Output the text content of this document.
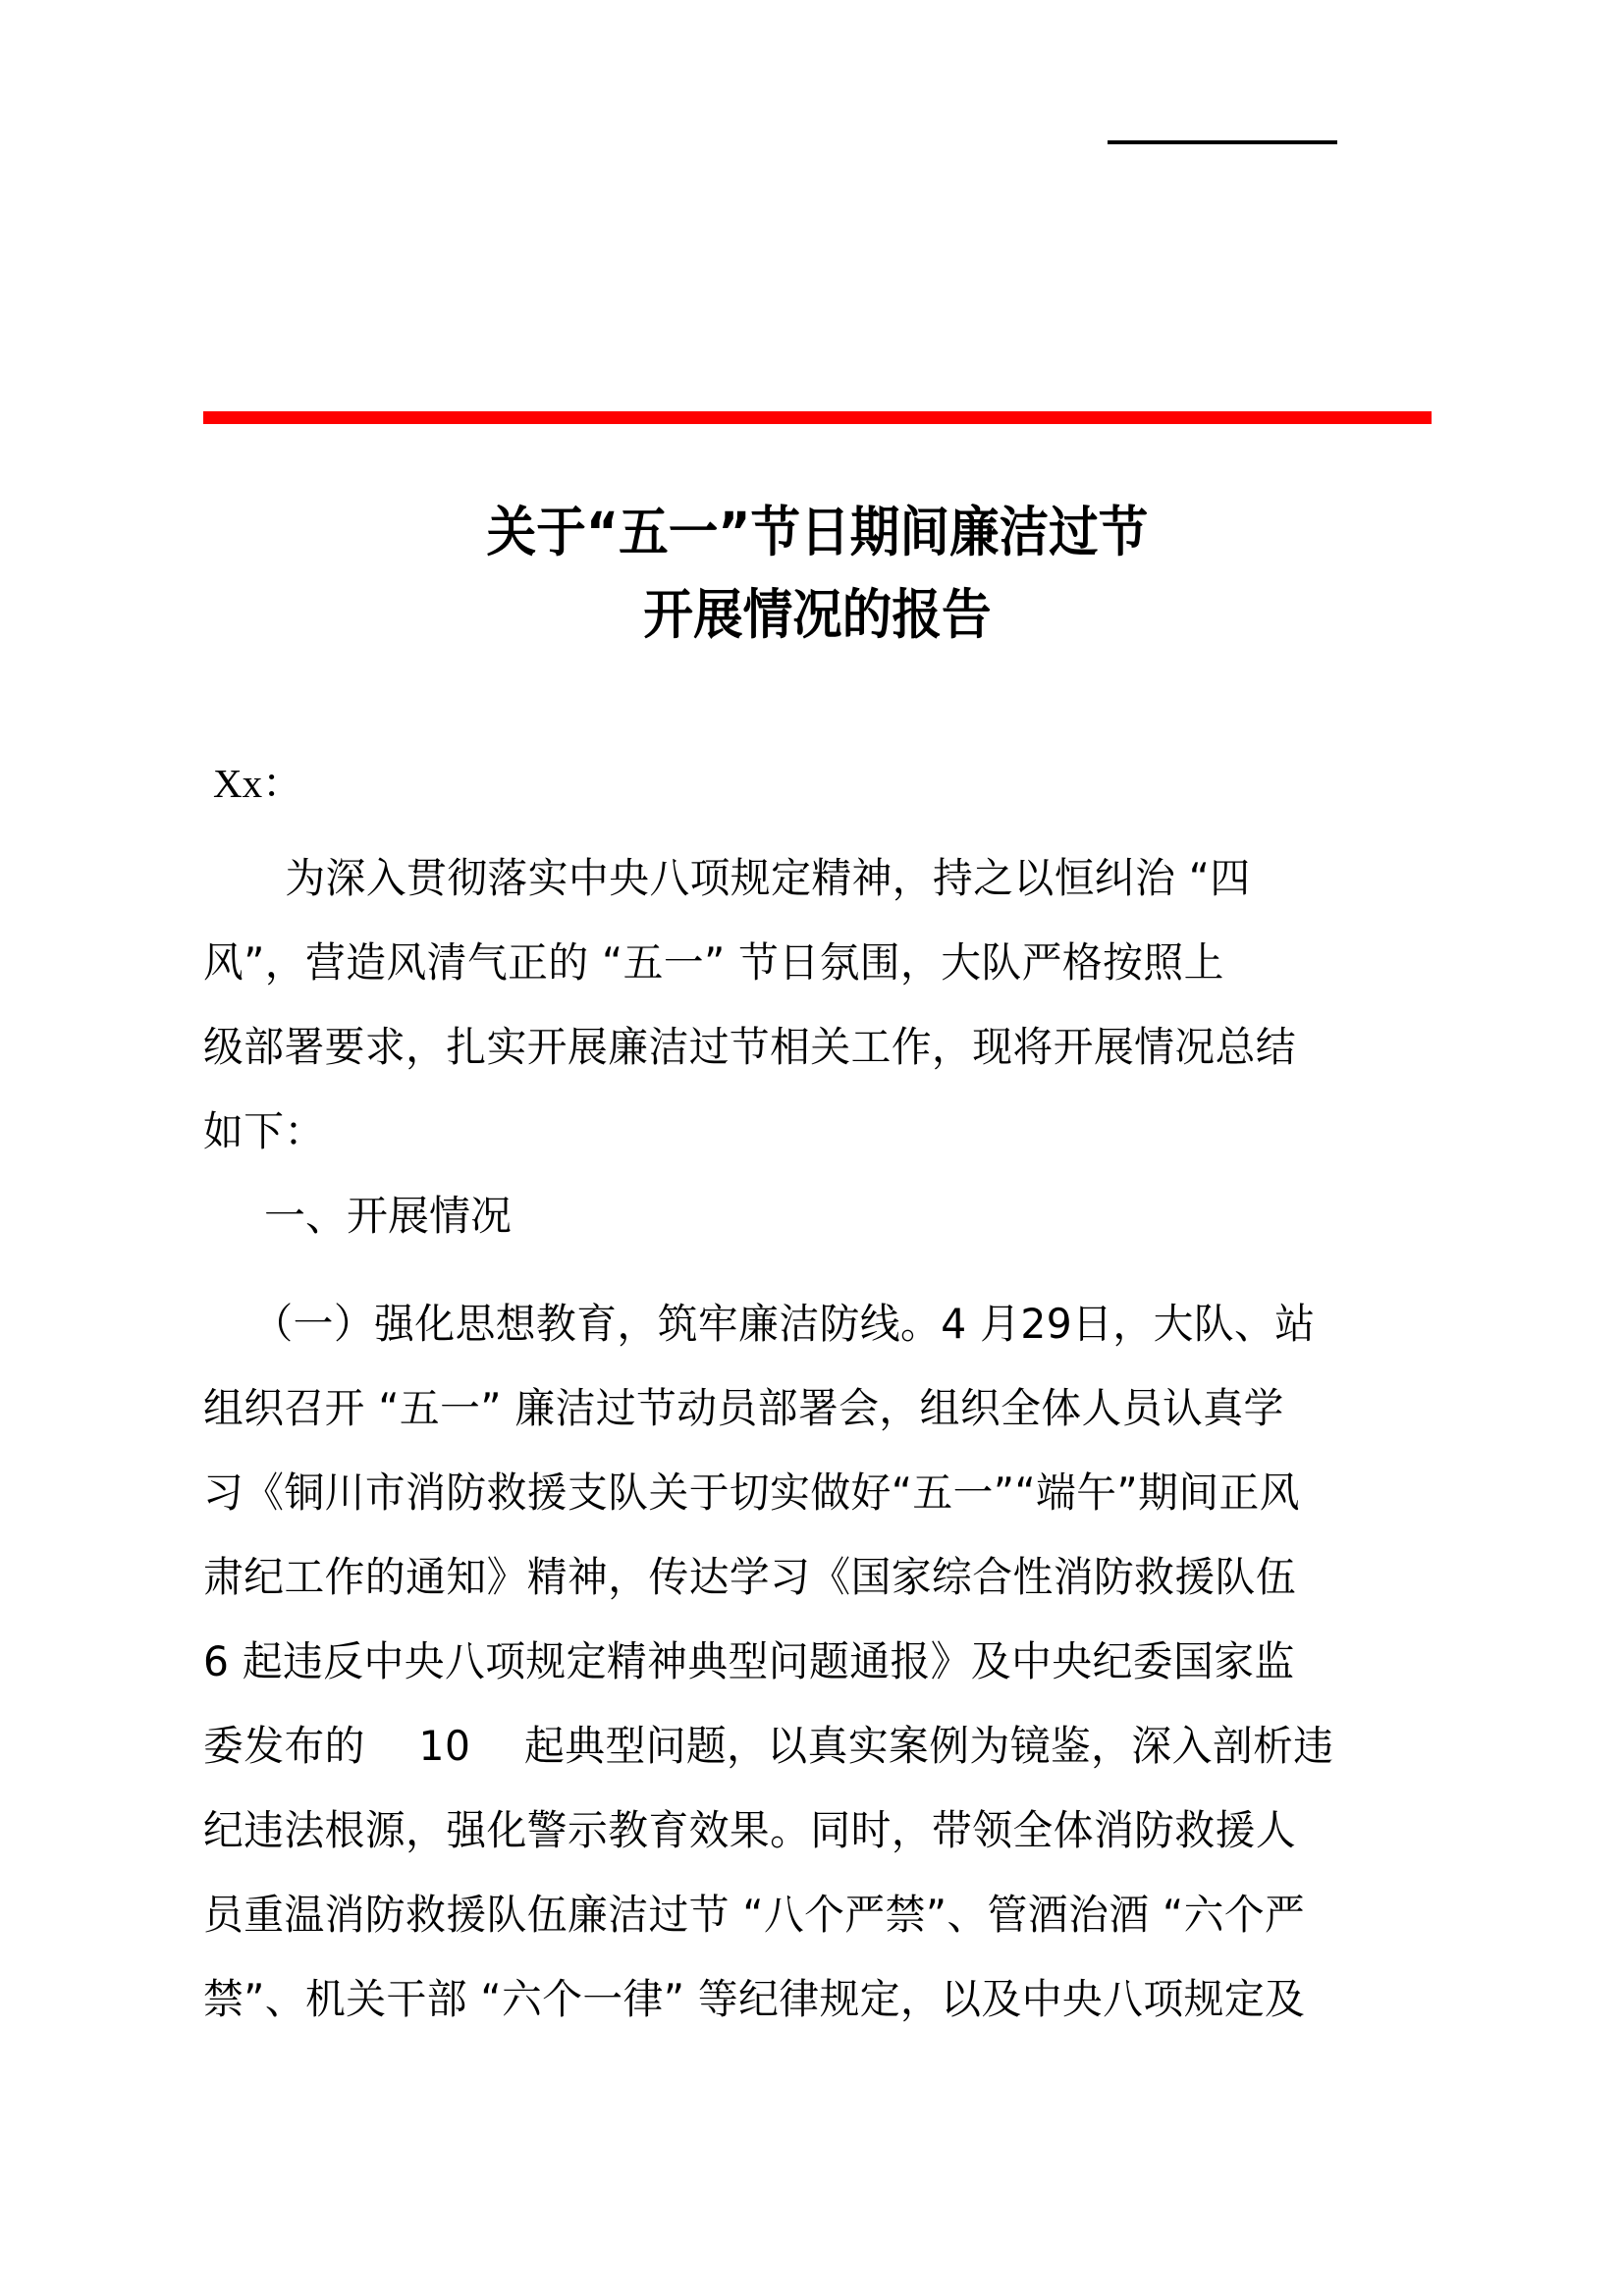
关于“五一”节日期间廉洁过节
开展情况的报告
Xx：
为深入贯彻落实中央八项规定精神，持之以恒纠治 “四
风”，营造风清气正的 “五一” 节日氛围，大队严格按照上
级部署要求，扎实开展廉洁过节相关工作，现将开展情况总结
如下：
一、开展情况
（一）强化思想教育，筑牢廉洁防线。4 月29日，大队、站
组织召开 “五一” 廉洁过节动员部署会，组织全体人员认真学
习《铜川市消防救援支队关于切实做好“五一”“端午”期间正风
肃纪工作的通知》精神，传达学习《国家综合性消防救援队伍
6 起违反中央八项规定精神典型问题通报》及中央纪委国家监
委发布的 　10 　起典型问题，以真实案例为镜鉴，深入剖析违
纪违法根源，强化警示教育效果。同时，带领全体消防救援人
员重温消防救援队伍廉洁过节 “八个严禁”、管酒治酒 “六个严
禁”、机关干部 “六个一律” 等纪律规定，以及中央八项规定及
